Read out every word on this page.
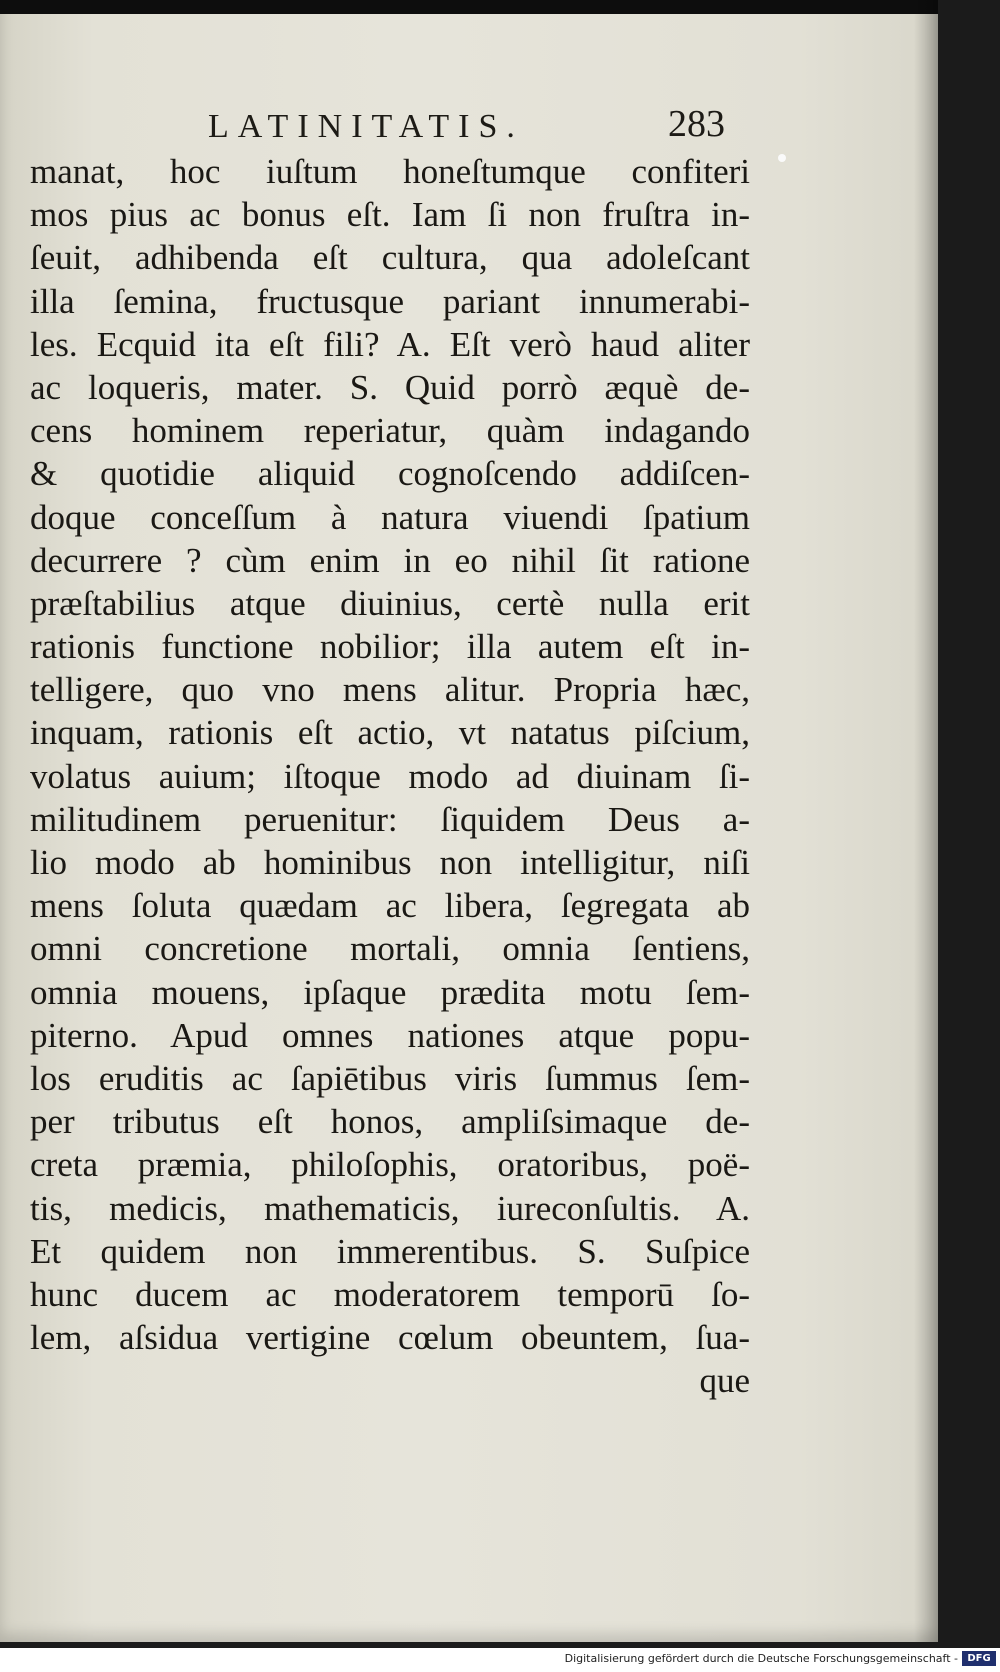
LATINITATIS.	283
manat, hoc iuſtum honeſtumque confiteri
mos pius ac bonus eſt. Iam ſi non fruſtra in-
ſeuit, adhibenda eſt cultura, qua adoleſcant
illa ſemina, fructusque pariant innumerabi-
les. Ecquid ita eſt fili? A. Eſt verò haud aliter
ac loqueris, mater. S. Quid porrò æquè de-
cens hominem reperiatur, quàm indagando
& quotidie aliquid cognoſcendo addiſcen-
doque conceſſum à natura viuendi ſpatium
decurrere ? cùm enim in eo nihil ſit ratione
præſtabilius atque diuinius, certè nulla erit
rationis functione nobilior; illa autem eſt in-
telligere, quo vno mens alitur. Propria hæc,
inquam, rationis eſt actio, vt natatus piſcium,
volatus auium; iſtoque modo ad diuinam ſi-
militudinem peruenitur: ſiquidem Deus a-
lio modo ab hominibus non intelligitur, niſi
mens ſoluta quædam ac libera, ſegregata ab
omni concretione mortali, omnia ſentiens,
omnia mouens, ipſaque prædita motu ſem-
piterno. Apud omnes nationes atque popu-
los eruditis ac ſapiētibus viris ſummus ſem-
per tributus eſt honos, ampliſsimaque de-
creta præmia, philoſophis, oratoribus, poë-
tis, medicis, mathematicis, iureconſultis. A.
Et quidem non immerentibus. S. Suſpice
hunc ducem ac moderatorem temporū ſo-
lem, aſsidua vertigine cœlum obeuntem, ſua-
que
Digitalisierung gefördert durch die Deutsche Forschungsgemeinschaft - DFG
